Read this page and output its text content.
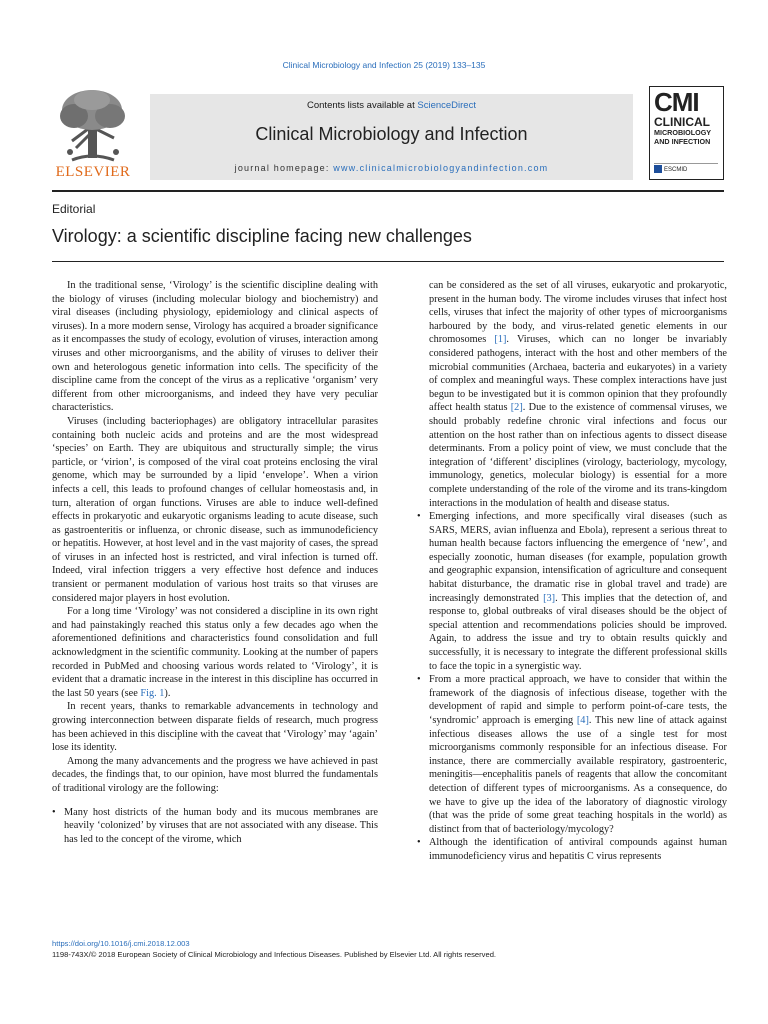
Clinical Microbiology and Infection 25 (2019) 133–135
ELSEVIER
Contents lists available at ScienceDirect
Clinical Microbiology and Infection
journal homepage: www.clinicalmicrobiologyandinfection.com
CMI
CLINICAL
MICROBIOLOGY
AND INFECTION
ESCMID
Editorial
Virology: a scientific discipline facing new challenges

In the traditional sense, ‘Virology’ is the scientific discipline dealing with the biology of viruses (including molecular biology and biochemistry) and viral diseases (including physiology, epidemiology and clinical aspects of viruses). In a more modern sense, Virology has acquired a broader significance as it encompasses the study of ecology, evolution of viruses, interaction among viruses and other microorganisms, and the ability of viruses to deliver their own and heterologous genetic information into cells. The specificity of the discipline came from the concept of the virus as a replicative ‘organism’ very different from other microorganisms, and indeed they have very peculiar characteristics.

Viruses (including bacteriophages) are obligatory intracellular parasites containing both nucleic acids and proteins and are the most widespread ‘species’ on Earth. They are ubiquitous and structurally simple; the virus particle, or ‘virion’, is composed of the viral coat proteins enclosing the viral genome, which may be surrounded by a lipid ‘envelope’. When a virion infects a cell, this leads to profound changes of cellular homeostasis and, in turn, alteration of organ functions. Viruses are able to induce well-defined effects in prokaryotic and eukaryotic organisms leading to acute disease, such as gastroenteritis or influenza, or chronic disease, such as immunodeficiency or hepatitis. However, at host level and in the vast majority of cases, the spread of viruses in an infected host is restricted, and viral infection is turned off. Indeed, viral infection triggers a very effective host defence and induces transient or permanent modulation of various host traits so that viruses are considered major players in host evolution.

For a long time ‘Virology’ was not considered a discipline in its own right and had painstakingly reached this status only a few decades ago when the aforementioned definitions and characteristics found consolidation and full acknowledgment in the scientific community. Looking at the number of papers recorded in PubMed and choosing various words related to ‘Virology’, it is evident that a dramatic increase in the interest in this discipline has occurred in the last 50 years (see Fig. 1).

In recent years, thanks to remarkable advancements in technology and growing interconnection between disparate fields of research, much progress has been achieved in this discipline with the caveat that ‘Virology’ may ‘again’ lose its identity.

Among the many advancements and the progress we have achieved in past decades, the findings that, to our opinion, have most blurred the fundamentals of traditional virology are the following:

• Many host districts of the human body and its mucous membranes are heavily ‘colonized’ by viruses that are not associated with any disease. This has led to the concept of the virome, which

can be considered as the set of all viruses, eukaryotic and prokaryotic, present in the human body. The virome includes viruses that infect host cells, viruses that infect the majority of other types of microorganisms harboured by the body, and virus-related genetic elements in our chromosomes [1]. Viruses, which can no longer be invariably considered pathogens, interact with the host and other members of the microbial communities (Archaea, bacteria and eukaryotes) in a variety of complex and meaningful ways. These complex interactions have just begun to be investigated but it is common opinion that they profoundly affect health status [2]. Due to the existence of commensal viruses, we should probably redefine chronic viral infections and focus our attention on the host rather than on infectious agents to dissect disease determinants. From a policy point of view, we must conclude that the integration of ‘different’ disciplines (virology, bacteriology, mycology, immunology, genetics, molecular biology) is essential for a more complete understanding of the role of the virome and its trans-kingdom interactions in the modulation of health and disease status.

• Emerging infections, and more specifically viral diseases (such as SARS, MERS, avian influenza and Ebola), represent a serious threat to human health because factors influencing the emergence of ‘new’, and especially zoonotic, human diseases (for example, population growth and geographic expansion, intensification of agriculture and consequent habitat disturbance, the dramatic rise in global travel and trade) are increasingly demonstrated [3]. This implies that the detection of, and response to, global outbreaks of viral diseases should be the object of special attention and recommendations policies should be improved. Again, to address the issue and try to obtain results quickly and successfully, it is necessary to integrate the different professional skills to face the topic in a synergistic way.
• From a more practical approach, we have to consider that within the framework of the diagnosis of infectious disease, together with the development of rapid and simple to perform point-of-care tests, the ‘syndromic’ approach is emerging [4]. This new line of attack against infectious diseases allows the use of a single test for most microorganisms commonly responsible for an infectious disease. For instance, there are commercially available respiratory, gastroenteric, meningitis—encephalitis panels of reagents that allow the concomitant detection of different types of microorganisms. As a consequence, do we have to give up the idea of the laboratory of diagnostic virology (that was the pride of some great teaching hospitals in the world) as distinct from that of bacteriology/mycology?
• Although the identification of antiviral compounds against human immunodeficiency virus and hepatitis C virus represents
https://doi.org/10.1016/j.cmi.2018.12.003
1198-743X/© 2018 European Society of Clinical Microbiology and Infectious Diseases. Published by Elsevier Ltd. All rights reserved.
